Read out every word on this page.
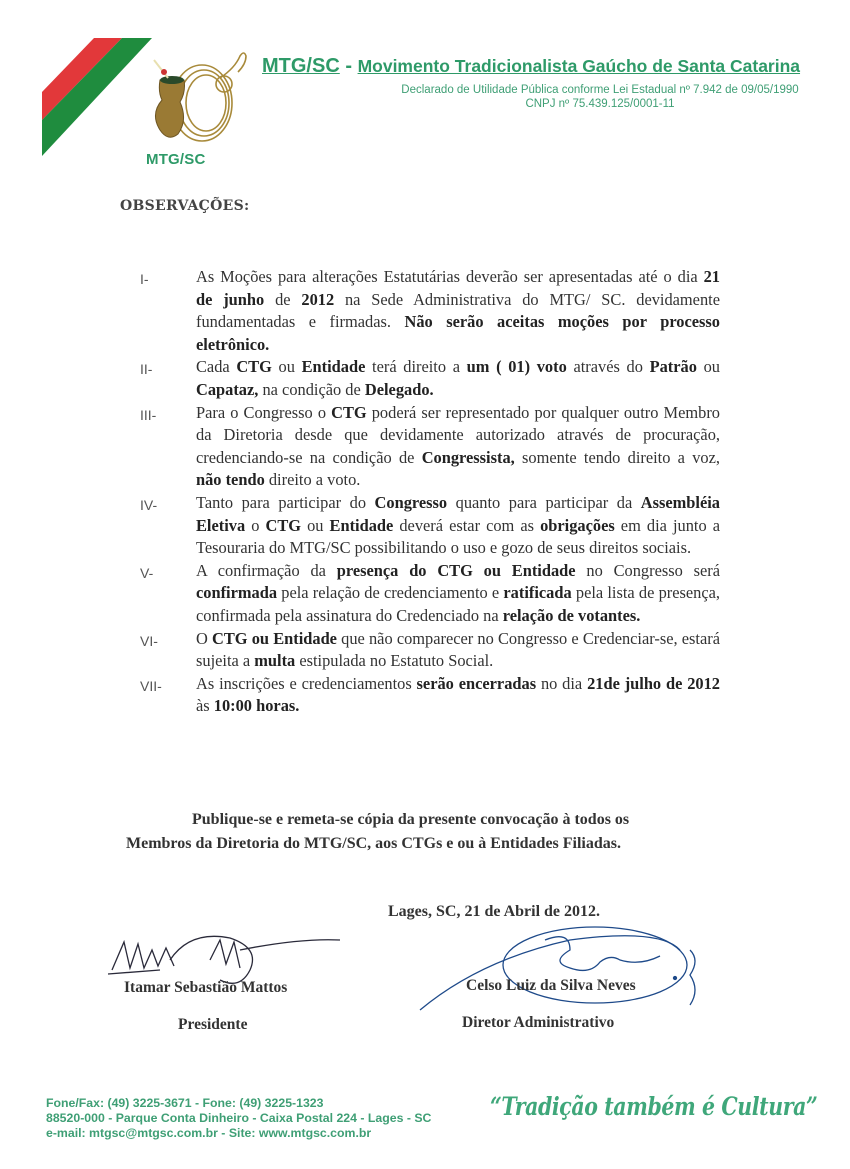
MTG/SC
MTG/SC - Movimento Tradicionalista Gaúcho de Santa Catarina
Declarado de Utilidade Pública conforme Lei Estadual nº 7.942 de 09/05/1990
CNPJ nº 75.439.125/0001-11
OBSERVAÇÕES:
I-	As Moções para alterações Estatutárias deverão ser apresentadas até o dia 21 de junho de 2012 na Sede Administrativa do MTG/ SC. devidamente fundamentadas e firmadas. Não serão aceitas moções por processo eletrônico.
II-	Cada CTG ou Entidade terá direito a um ( 01) voto através do Patrão ou Capataz, na condição de Delegado.
III-	Para o Congresso o CTG poderá ser representado por qualquer outro Membro da Diretoria desde que devidamente autorizado através de procuração, credenciando-se na condição de Congressista, somente tendo direito a voz, não tendo direito a voto.
IV-	Tanto para participar do Congresso quanto para participar da Assembléia Eletiva o CTG ou Entidade deverá estar com as obrigações em dia junto a Tesouraria do MTG/SC possibilitando o uso e gozo de seus direitos sociais.
V-	A confirmação da presença do CTG ou Entidade no Congresso será confirmada pela relação de credenciamento e ratificada pela lista de presença, confirmada pela assinatura do Credenciado na relação de votantes.
VI-	O CTG ou Entidade que não comparecer no Congresso e Credenciar-se, estará sujeita a multa estipulada no Estatuto Social.
VII-	As inscrições e credenciamentos serão encerradas no dia 21de julho de 2012 às 10:00 horas.
Publique-se e remeta-se cópia da presente convocação à todos os
Membros da Diretoria do MTG/SC, aos CTGs e ou à Entidades Filiadas.
Lages, SC, 21 de Abril de 2012.
Itamar Sebastião Mattos
Presidente
Celso Luiz da Silva Neves
Diretor Administrativo
Fone/Fax: (49) 3225-3671 - Fone: (49) 3225-1323
88520-000 - Parque Conta Dinheiro - Caixa Postal 224 - Lages - SC
e-mail: mtgsc@mtgsc.com.br - Site: www.mtgsc.com.br
“Tradição também é Cultura”
